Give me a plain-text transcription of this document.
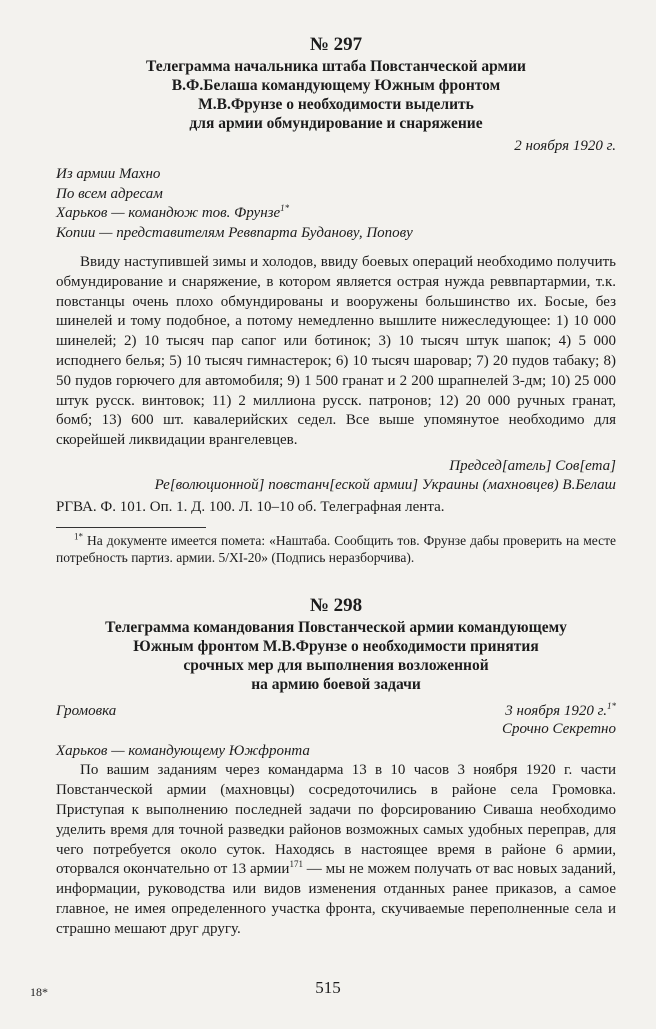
№ 297
Телеграмма начальника штаба Повстанческой армии
В.Ф.Белаша командующему Южным фронтом
М.В.Фрунзе о необходимости выделить
для армии обмундирование и снаряжение
2 ноября 1920 г.
Из армии Махно
По всем адресам
Харьков — командюж тов. Фрунзе$^{1*}$
Копии — представителям Реввпарта Буданову, Попову
Ввиду наступившей зимы и холодов, ввиду боевых операций необходимо получить обмундирование и снаряжение, в котором является острая нужда реввпартармии, т.к. повстанцы очень плохо обмундированы и вооружены большинство их. Босые, без шинелей и тому подобное, а потому немедленно вышлите нижеследующее: 1) 10 000 шинелей; 2) 10 тысяч пар сапог или ботинок; 3) 10 тысяч штук шапок; 4) 5 000 исподнего белья; 5) 10 тысяч гимнастерок; 6) 10 тысяч шаровар; 7) 20 пудов табаку; 8) 50 пудов горючего для автомобиля; 9) 1 500 гранат и 2 200 шрапнелей 3-дм; 10) 25 000 штук русск. винтовок; 11) 2 миллиона русск. патронов; 12) 20 000 ручных гранат, бомб; 13) 600 шт. кавалерийских седел. Все выше упомянутое необходимо для скорейшей ликвидации врангелевцев.
Председ[атель] Сов[ета]
Ре[волюционной] повстанч[еской армии] Украины (махновцев) В.Белаш
РГВА. Ф. 101. Оп. 1. Д. 100. Л. 10–10 об. Телеграфная лента.
$^{1*}$ На документе имеется помета: «Наштаба. Сообщить тов. Фрунзе дабы проверить на месте потребность партиз. армии. 5/XI-20» (Подпись неразборчива).
№ 298
Телеграмма командования Повстанческой армии командующему
Южным фронтом М.В.Фрунзе о необходимости принятия
срочных мер для выполнения возложенной
на армию боевой задачи
Громовка	3 ноября 1920 г.$^{1*}$
Срочно Секретно
Харьков — командующему Южфронта
По вашим заданиям через командарма 13 в 10 часов 3 ноября 1920 г. части Повстанческой армии (махновцы) сосредоточились в районе села Громовка. Приступая к выполнению последней задачи по форсированию Сиваша необходимо уделить время для точной разведки районов возможных самых удобных переправ, для чего потребуется около суток. Находясь в настоящее время в районе 6 армии, оторвался окончательно от 13 армии$^{171}$ — мы не можем получать от вас новых заданий, информации, руководства или видов изменения отданных ранее приказов, а самое главное, не имея определенного участка фронта, скучиваемые переполненные села и страшно мешают друг другу.
18*	515
